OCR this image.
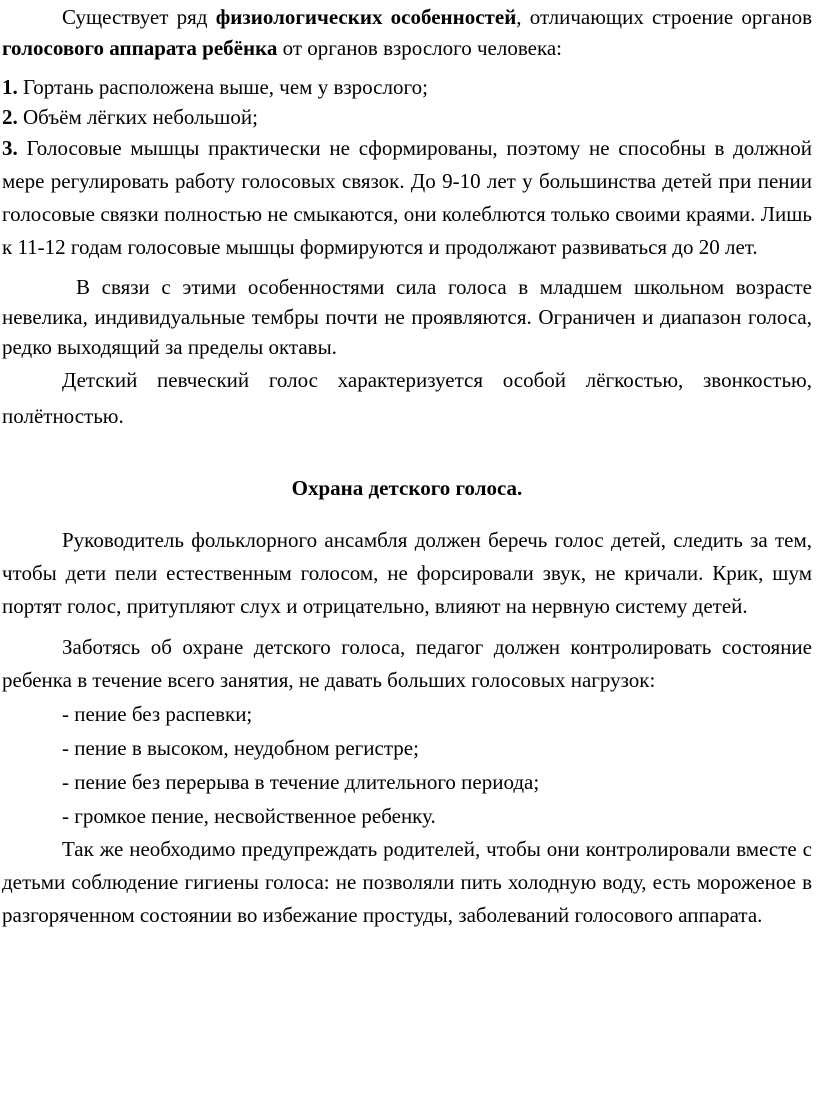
Существует ряд физиологических особенностей, отличающих строение органов голосового аппарата ребёнка от органов взрослого человека:

1. Гортань расположена выше, чем у взрослого;

2. Объём лёгких небольшой;

3. Голосовые мышцы практически не сформированы, поэтому не способны в должной мере регулировать работу голосовых связок. До 9-10 лет у большинства детей при пении голосовые связки полностью не смыкаются, они колеблются только своими краями. Лишь к 11-12 годам голосовые мышцы формируются и продолжают развиваться до 20 лет.

В связи с этими особенностями сила голоса в младшем школьном возрасте невелика, индивидуальные тембры почти не проявляются. Ограничен и диапазон голоса, редко выходящий за пределы октавы.

Детский певческий голос характеризуется особой лёгкостью, звонкостью, полётностью.

Охрана детского голоса.

Руководитель фольклорного ансамбля должен беречь голос детей, следить за тем, чтобы дети пели естественным голосом, не форсировали звук, не кричали. Крик, шум портят голос, притупляют слух и отрицательно, влияют на нервную систему детей.

Заботясь об охране детского голоса, педагог должен контролировать состояние ребенка в течение всего занятия, не давать больших голосовых нагрузок:

- пение без распевки;

- пение в высоком, неудобном регистре;

- пение без перерыва в течение длительного периода;

- громкое пение, несвойственное ребенку.

Так же необходимо предупреждать родителей, чтобы они контролировали вместе с детьми соблюдение гигиены голоса: не позволяли пить холодную воду, есть мороженое в разгоряченном состоянии во избежание простуды, заболеваний голосового аппарата.
